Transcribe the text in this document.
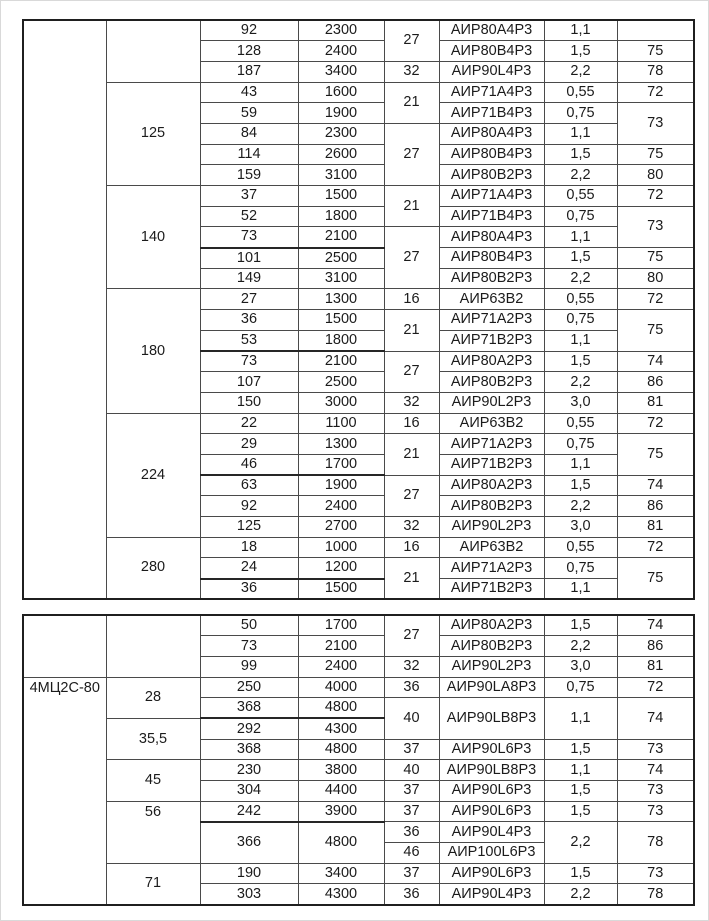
		92	2300	27	АИР80А4Р3	1,1	
		128	2400		АИР80В4Р3	1,5	75
		187	3400	32	АИР90L4Р3	2,2	78
	125	43	1600	21	АИР71А4Р3	0,55	72
		59	1900		АИР71В4Р3	0,75	73
		84	2300	27	АИР80А4Р3	1,1	
		114	2600		АИР80В4Р3	1,5	75
		159	3100		АИР80В2Р3	2,2	80
	140	37	1500	21	АИР71А4Р3	0,55	72
		52	1800		АИР71В4Р3	0,75	73
		73	2100	27	АИР80А4Р3	1,1	
		101	2500		АИР80В4Р3	1,5	75
		149	3100		АИР80В2Р3	2,2	80
	180	27	1300	16	АИР63В2	0,55	72
		36	1500	21	АИР71А2Р3	0,75	75
		53	1800		АИР71В2Р3	1,1	
		73	2100	27	АИР80А2Р3	1,5	74
		107	2500		АИР80В2Р3	2,2	86
		150	3000	32	АИР90L2Р3	3,0	81
	224	22	1100	16	АИР63В2	0,55	72
		29	1300	21	АИР71А2Р3	0,75	75
		46	1700		АИР71В2Р3	1,1	
		63	1900	27	АИР80А2Р3	1,5	74
		92	2400		АИР80В2Р3	2,2	86
		125	2700	32	АИР90L2Р3	3,0	81
	280	18	1000	16	АИР63В2	0,55	72
		24	1200	21	АИР71А2Р3	0,75	75
		36	1500		АИР71В2Р3	1,1	
		50	1700	27	АИР80А2Р3	1,5	74
		73	2100		АИР80В2Р3	2,2	86
		99	2400	32	АИР90L2Р3	3,0	81
4МЦ2С-80	28	250	4000	36	АИР90LA8Р3	0,75	72
		368	4800	40	АИР90LB8Р3	1,1	74
	35,5	292	4300				
		368	4800	37	АИР90L6Р3	1,5	73
	45	230	3800	40	АИР90LB8Р3	1,1	74
		304	4400	37	АИР90L6Р3	1,5	73
	56	242	3900	37	АИР90L6Р3	1,5	73
		366	4800	36	АИР90L4Р3	2,2	78
				46	АИР100L6Р3		
	71	190	3400	37	АИР90L6Р3	1,5	73
		303	4300	36	АИР90L4Р3	2,2	78
